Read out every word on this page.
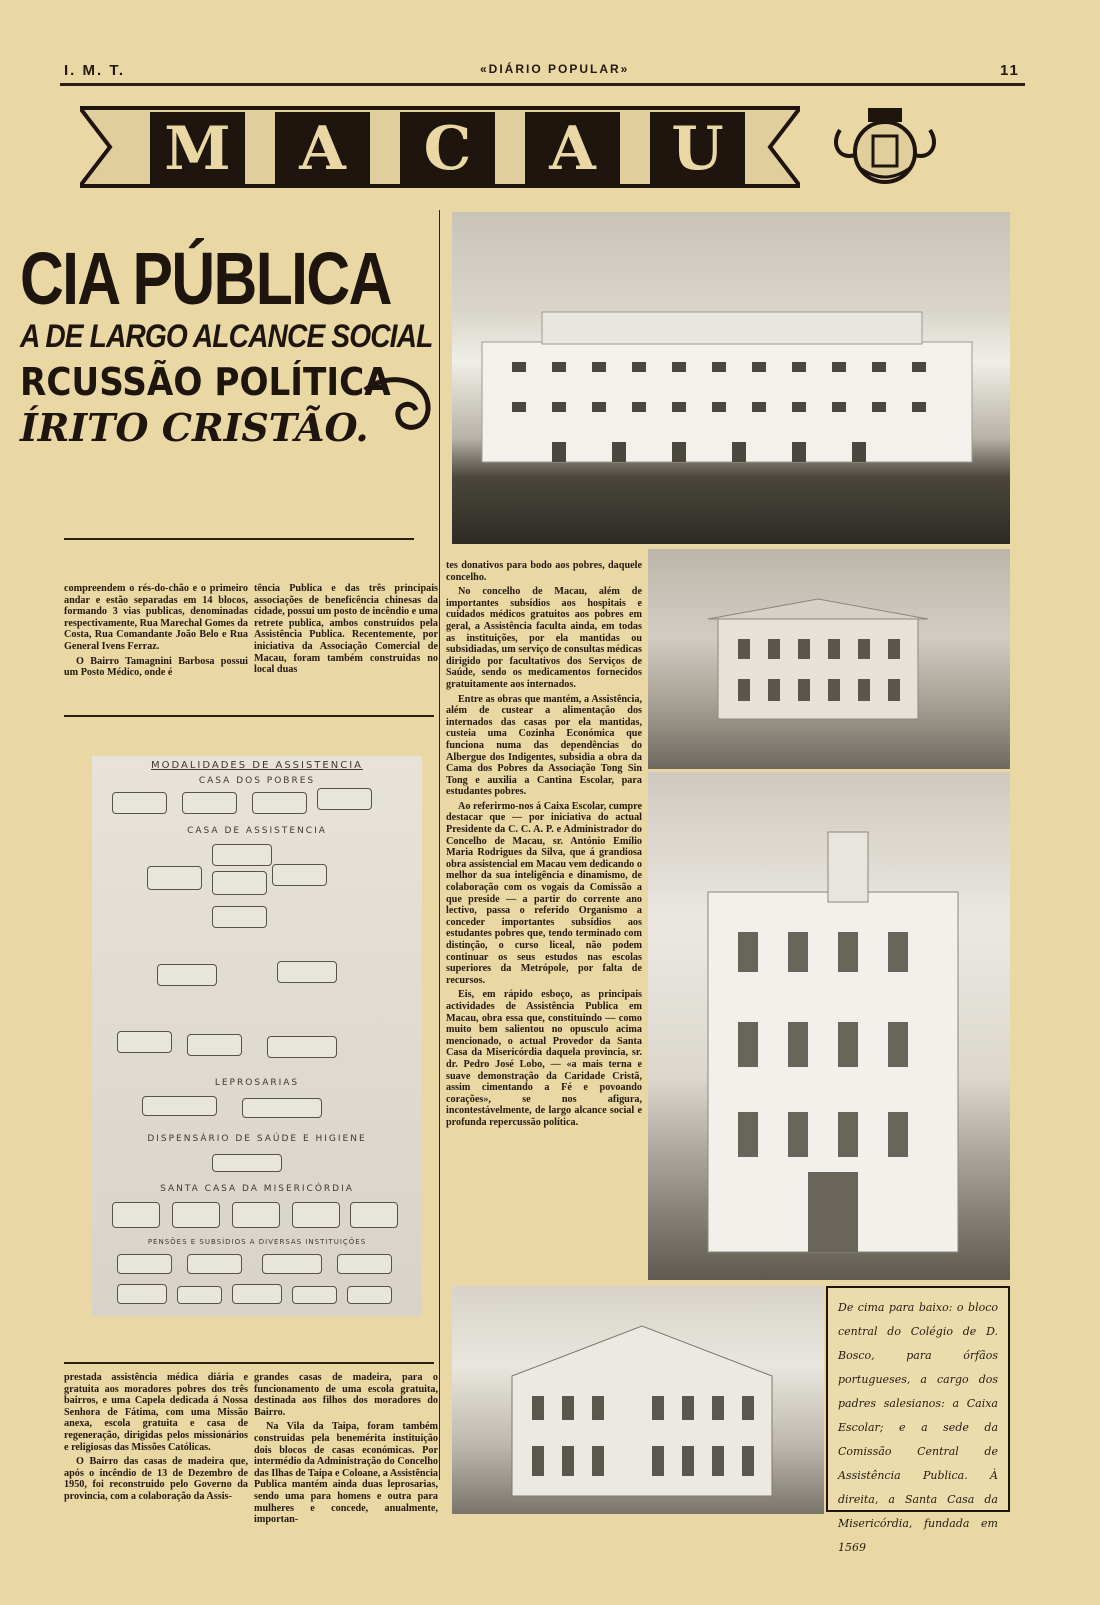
I. M. T.	«DIÁRIO POPULAR»	11
M	A	C	A	U
CIA PÚBLICA
A DE LARGO ALCANCE SOCIAL
RCUSSÃO POLÍTICA
ÍRITO CRISTÃO.

compreendem o rés-do-chão e o primeiro andar e estão separadas em 14 blocos, formando 3 vias publicas, denominadas respectivamente, Rua Marechal Gomes da Costa, Rua Comandante João Belo e Rua General Ivens Ferraz.

O Bairro Tamagnini Barbosa possui um Posto Médico, onde é

tência Publica e das três principais associações de beneficência chinesas da cidade, possui um posto de incêndio e uma retrete publica, ambos construidos pela Assistência Publica. Recentemente, por iniciativa da Associação Comercial de Macau, foram também construidas no local duas

MODALIDADES DE ASSISTENCIA
CASA DOS POBRES
CASA DE ASSISTENCIA
LEPROSARIAS
DISPENSÁRIO DE SAÚDE E HIGIENE
SANTA CASA DA MISERICÓRDIA
PENSÕES E SUBSÍDIOS A DIVERSAS INSTITUIÇÕES

prestada assistência médica diária e gratuita aos moradores pobres dos três bairros, e uma Capela dedicada á Nossa Senhora de Fátima, com uma Missão anexa, escola gratuita e casa de regeneração, dirigidas pelos missionários e religiosas das Missões Católicas.

O Bairro das casas de madeira que, após o incêndio de 13 de Dezembro de 1950, foi reconstruido pelo Governo da provincia, com a colaboração da Assis-

grandes casas de madeira, para o funcionamento de uma escola gratuita, destinada aos filhos dos moradores do Bairro.

Na Vila da Taipa, foram também construidas pela benemérita instituição dois blocos de casas económicas. Por intermédio da Administração do Concelho das Ilhas de Taipa e Coloane, a Assistência Publica mantém ainda duas leprosarias, sendo uma para homens e outra para mulheres e concede, anualmente, importan-

tes donativos para bodo aos pobres, daquele concelho.

No concelho de Macau, além de importantes subsídios aos hospitais e cuidados médicos gratuitos aos pobres em geral, a Assistência faculta ainda, em todas as instituições, por ela mantidas ou subsidiadas, um serviço de consultas médicas dirigido por facultativos dos Serviços de Saúde, sendo os medicamentos fornecidos gratuitamente aos internados.

Entre as obras que mantém, a Assistência, além de custear a alimentação dos internados das casas por ela mantidas, custeia uma Cozinha Económica que funciona numa das dependências do Albergue dos Indigentes, subsidia a obra da Cama dos Pobres da Associação Tong Sin Tong e auxilia a Cantina Escolar, para estudantes pobres.

Ao referirmo-nos á Caixa Escolar, cumpre destacar que — por iniciativa do actual Presidente da C. C. A. P. e Administrador do Concelho de Macau, sr. António Emílio Maria Rodrigues da Silva, que á grandiosa obra assistencial em Macau vem dedicando o melhor da sua inteligência e dinamismo, de colaboração com os vogais da Comissão a que preside — a partir do corrente ano lectivo, passa o referido Organismo a conceder importantes subsídios aos estudantes pobres que, tendo terminado com distinção, o curso liceal, não podem continuar os seus estudos nas escolas superiores da Metrópole, por falta de recursos.

Eis, em rápido esboço, as principais actividades de Assistência Publica em Macau, obra essa que, constituindo — como muito bem salientou no opusculo acima mencionado, o actual Provedor da Santa Casa da Misericórdia daquela provincia, sr. dr. Pedro José Lobo, — «a mais terna e suave demonstração da Caridade Cristã, assim cimentando a Fé e povoando corações», se nos afigura, incontestávelmente, de largo alcance social e profunda repercussão política.

De cima para baixo: o bloco central do Colégio de D. Bosco, para órfãos portugueses, a cargo dos padres salesianos: a Caixa Escolar; e a sede da Comissão Central de Assistência Publica. À direita, a Santa Casa da Misericórdia, fundada em 1569
